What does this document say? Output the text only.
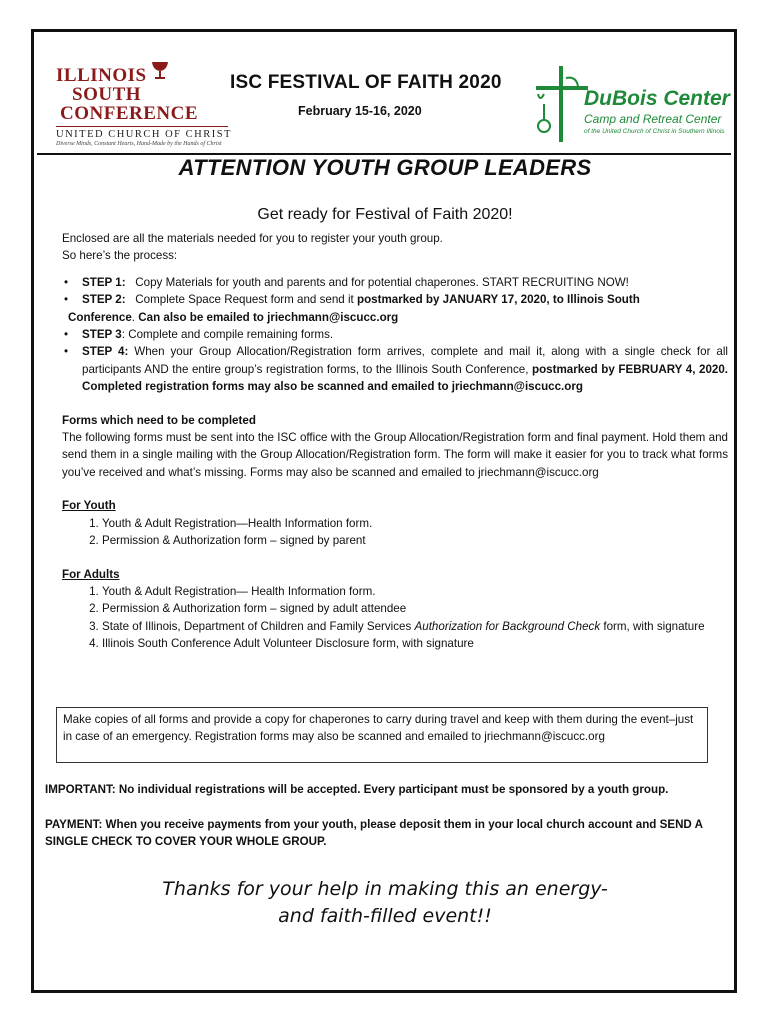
ILLINOIS
SOUTH
CONFERENCE
UNITED CHURCH OF CHRIST
Diverse Minds, Constant Hearts, Hand-Made by the Hands of Christ
ISC FESTIVAL OF FAITH 2020
February 15-16, 2020
DuBois Center
Camp and Retreat Center
of the United Church of Christ in Southern Illinois
ATTENTION YOUTH GROUP LEADERS
Get ready for Festival of Faith 2020!

Enclosed are all the materials needed for you to register your youth group.

So here’s the process:

• STEP 1: Copy Materials for youth and parents and for potential chaperones. START RECRUITING NOW!
• STEP 2: Complete Space Request form and send it postmarked by JANUARY 17, 2020, to Illinois South
Conference. Can also be emailed to jriechmann@iscucc.org
• STEP 3: Complete and compile remaining forms.
• STEP 4: When your Group Allocation/Registration form arrives, complete and mail it, along with a single check for all participants AND the entire group’s registration forms, to the Illinois South Conference, postmarked by FEBRUARY 4, 2020. Completed registration forms may also be scanned and emailed to jriechmann@iscucc.org

Forms which need to be completed

The following forms must be sent into the ISC office with the Group Allocation/Registration form and final payment. Hold them and send them in a single mailing with the Group Allocation/Registration form. The form will make it easier for you to track what forms you’ve received and what’s missing. Forms may also be scanned and emailed to jriechmann@iscucc.org

For Youth

1. Youth & Adult Registration—Health Information form.
2. Permission & Authorization form – signed by parent

For Adults

1. Youth & Adult Registration— Health Information form.
2. Permission & Authorization form – signed by adult attendee
3. State of Illinois, Department of Children and Family Services Authorization for Background Check form, with signature
4. Illinois South Conference Adult Volunteer Disclosure form, with signature
Make copies of all forms and provide a copy for chaperones to carry during travel and keep with them during the event–just in case of an emergency. Registration forms may also be scanned and emailed to jriechmann@iscucc.org
IMPORTANT: No individual registrations will be accepted. Every participant must be sponsored by a youth group.
PAYMENT: When you receive payments from your youth, please deposit them in your local church account and SEND A SINGLE CHECK TO COVER YOUR WHOLE GROUP.
Thanks for your help in making this an energy-
and faith-filled event!!
